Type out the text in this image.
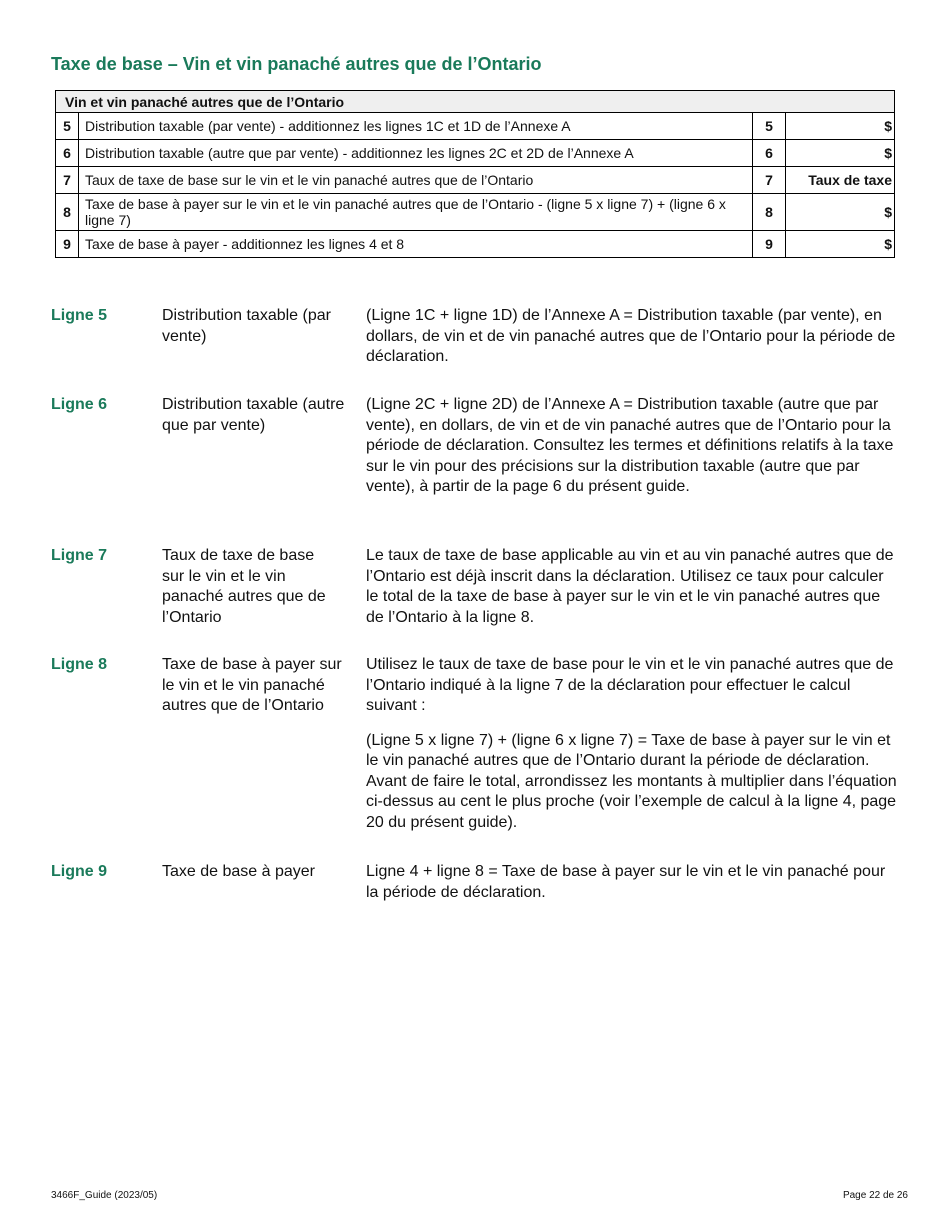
Taxe de base – Vin et vin panaché autres que de l’Ontario
Vin et vin panaché autres que de l’Ontario			
5	Distribution taxable (par vente) - additionnez les lignes 1C et 1D de l’Annexe A	5	$
6	Distribution taxable (autre que par vente) - additionnez les lignes 2C et 2D de l’Annexe A	6	$
7	Taux de taxe de base sur le vin et le vin panaché autres que de l’Ontario	7	Taux de taxe
8	Taxe de base à payer sur le vin et le vin panaché autres que de l’Ontario - (ligne 5 x ligne 7) + (ligne 6 x ligne 7)	8	$
9	Taxe de base à payer - additionnez les lignes 4 et 8	9	$
Ligne 5	Distribution taxable (par vente)

(Ligne 1C + ligne 1D) de l’Annexe A = Distribution taxable (par vente), en dollars, de vin et de vin panaché autres que de l’Ontario pour la période de déclaration.

Ligne 6	Distribution taxable (autre que par vente)

(Ligne 2C + ligne 2D) de l’Annexe A = Distribution taxable (autre que par vente), en dollars, de vin et de vin panaché autres que de l’Ontario pour la période de déclaration. Consultez les termes et définitions relatifs à la taxe sur le vin pour des précisions sur la distribution taxable (autre que par vente), à partir de la page 6 du présent guide.

Ligne 7	Taux de taxe de base sur le vin et le vin panaché autres que de l’Ontario

Le taux de taxe de base applicable au vin et au vin panaché autres que de l’Ontario est déjà inscrit dans la déclaration. Utilisez ce taux pour calculer le total de la taxe de base à payer sur le vin et le vin panaché autres que de l’Ontario à la ligne 8.

Ligne 8	Taxe de base à payer sur le vin et le vin panaché autres que de l’Ontario

Utilisez le taux de taxe de base pour le vin et le vin panaché autres que de l’Ontario indiqué à la ligne 7 de la déclaration pour effectuer le calcul suivant :

(Ligne 5 x ligne 7) + (ligne 6 x ligne 7) = Taxe de base à payer sur le vin et le vin panaché autres que de l’Ontario durant la période de déclaration. Avant de faire le total, arrondissez les montants à multiplier dans l’équation ci-dessus au cent le plus proche (voir l’exemple de calcul à la ligne 4, page 20 du présent guide).

Ligne 9	Taxe de base à payer	Ligne 4 + ligne 8 = Taxe de base à payer sur le vin et le vin panaché pour la période de déclaration.

3466F_Guide (2023/05)	Page 22 de 26
